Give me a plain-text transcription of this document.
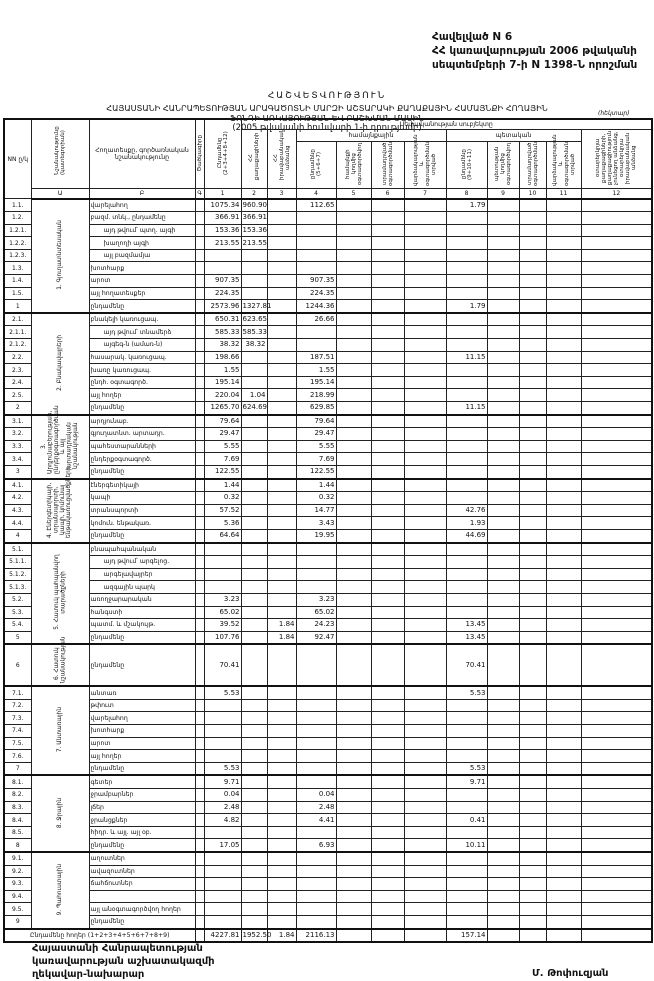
Հավելված N 6
ՀՀ կառավարության 2006 թվականի
սեպտեմբերի 7-ի N 1398-Ն որոշման
ՀԱՇՎԵՏՎՈՒԹՅՈՒՆ
ՀԱՅԱՍՏԱՆԻ ՀԱՆՐԱՊԵՏՈՒԹՅԱՆ ԱՐԱԳԱԾՈՏՆԻ ՄԱՐԶԻ ԱՇՏԱՐԱԿԻ ՔԱՂԱՔԱՅԻՆ ՀԱՄԱՅՆՔԻ ՀՈՂԱՅԻՆ
ՖՈՆԴԻ ԱՌԿԱՅՈՒԹՅԱՆ ԵՎ ԲԱՇԽՄԱՆ ՄԱՍԻՆ
(2005 թվականի հունվարի 1-ի դրությամբ)
(հեկտար)
NN ը/կ	Նշանակությունը (կատեգորիան)	Հողատեսքը, գործառնական նշանակությունը	Ծածկագիրը	Ընդամենը (2+3+4+8+12)	Սեփականության սուբյեկտը										
					ՀՀ քաղաքացիների	ՀՀ իրավաբանական անձանց	համայնքային				պետական				օտարերկրյա քաղաքացիների, քաղաքացիություն չունեցող անձանց, օտարերկրյա իրավաբանական անձանց
							ընդամենը (5+6+7)	համայնքի կողմից օգտագործվող	տրամադրված օգտագործման	վարձակալության և օգտագործման տրված	ընդամենը (9+10+11)	պետության կողմից օգտագործվող	տրամադրված օգտագործման	վարձակալության և օգտագործման տրված	
	Ա	Բ	Գ	1	2	3	4	5	6	7	8	9	10	11	12
1.1.	1. Գյուղատնտեսական	վարելահող		1075.34	960.90		112.65				1.79				
1.2.		բազմ. տնկ., ընդամենը		366.91	366.91										
1.2.1.		այդ թվում՝ պտղ. այգի		153.36	153.36										
1.2.2.		խաղողի այգի		213.55	213.55										
1.2.3.		այլ բազմամյա													
1.3.		խոտհարք													
1.4.		արոտ		907.35			907.35								
1.5.		այլ հողատեսքեր		224.35			224.35								
1		ընդամենը		2573.96	1327.81		1244.36				1.79				
2.1.	2. Բնակավայրերի	բնակելի կառուցապ.		650.31	623.65		26.66								
2.1.1.		այդ թվում՝ տնամերձ		585.33	585.33										
2.1.2.		այգեգ-ն (ամառ-ն)		38.32	38.32										
2.2.		հասարակ. կառուցապ.		198.66			187.51				11.15				
2.3.		խառը կառուցապ.		1.55			1.55								
2.4.		ընդհ. օգտագործ.		195.14			195.14								
2.5.		այլ հողեր		220.04	1.04		218.99								
2		ընդամենը		1265.70	624.69		629.85				11.15				
3.1.	3. Արդյունաբերության, ընդերքօգտագործման և այլ արտադրական նշանակության	արդյունաբ.		79.64			79.64								
3.2.		գյուղատնտ. արտադր.		29.47			29.47								
3.3.		պահեստարանների		5.55			5.55								
3.4.		ընդերքօգտագործ.		7.69			7.69								
3		ընդամենը		122.55			122.55								
4.1.	4. Էներգետիկայի, տրանսպորտի, կապի, կոմունալ ենթակառուցվածքների	էներգետիկայի		1.44			1.44								
4.2.		կապի		0.32			0.32								
4.3.		տրանսպորտի		57.52			14.77				42.76				
4.4.		կոմուն. ենթակառ.		5.36			3.43				1.93				
4		ընդամենը		64.64			19.95				44.69				
5.1.	5. Հատուկ պահպանվող տարածքների	բնապահպանական													
5.1.1.		այդ թվում՝ արգելոց.													
5.1.2.		արգելավայրեր													
5.1.3.		ազգային պարկ													
5.2.		առողջարարական		3.23			3.23								
5.3.		հանգստի		65.02			65.02								
5.4.		պատմ. և մշակույթ.		39.52		1.84	24.23				13.45				
5		ընդամենը		107.76		1.84	92.47				13.45				
6	6. Հատուկ նշանակության	ընդամենը		70.41							70.41				
7.1.	7. Անտառային	անտառ		5.53							5.53				
7.2.		թփուտ													
7.3.		վարելահող													
7.4.		խոտհարք													
7.5.		արոտ													
7.6.		այլ հողեր													
7		ընդամենը		5.53							5.53				
8.1.	8. Ջրային	գետեր		9.71							9.71				
8.2.		ջրամբարներ		0.04			0.04								
8.3.		լճեր		2.48			2.48								
8.4.		ջրանցքներ		4.82			4.41				0.41				
8.5.		հիդր. և այլ. այլ օբ.													
8		ընդամենը		17.05			6.93				10.11				
9.1.	9. Պահուստային	աղուտներ													
9.2.		ավազուտներ													
9.3.		ճահճուտներ													
9.4.															
9.5.		այլ անօգտագործվող հողեր													
9		ընդամենը													
Ընդամենը հողեր (1+2+3+4+5+6+7+8+9)				4227.81	1952.50	1.84	2116.13				157.14				
Հայաստանի Հանրապետության
կառավարության աշխատակազմի
ղեկավար-նախարար	Մ. Թոփուզյան
